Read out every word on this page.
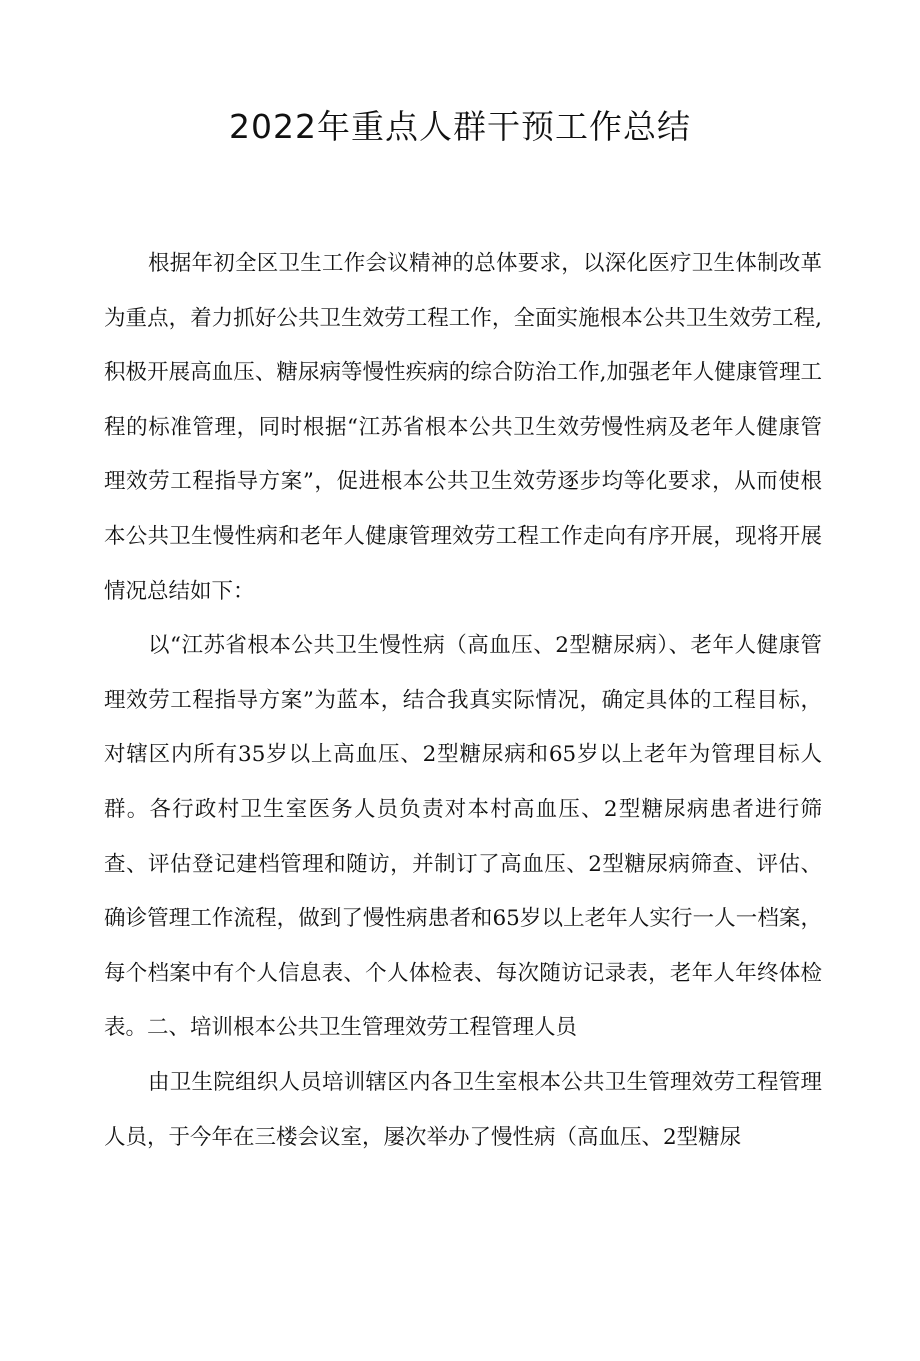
2022年重点人群干预工作总结

根据年初全区卫生工作会议精神的总体要求，以深化医疗卫生体制改革为重点，着力抓好公共卫生效劳工程工作，全面实施根本公共卫生效劳工程,积极开展高血压、糖尿病等慢性疾病的综合防治工作,加强老年人健康管理工程的标准管理，同时根据“江苏省根本公共卫生效劳慢性病及老年人健康管理效劳工程指导方案”，促进根本公共卫生效劳逐步均等化要求，从而使根本公共卫生慢性病和老年人健康管理效劳工程工作走向有序开展，现将开展情况总结如下：

以“江苏省根本公共卫生慢性病（高血压、2型糖尿病）、老年人健康管理效劳工程指导方案”为蓝本，结合我真实际情况，确定具体的工程目标，对辖区内所有35岁以上高血压、2型糖尿病和65岁以上老年为管理目标人群。各行政村卫生室医务人员负责对本村高血压、2型糖尿病患者进行筛查、评估登记建档管理和随访，并制订了高血压、2型糖尿病筛查、评估、确诊管理工作流程，做到了慢性病患者和65岁以上老年人实行一人一档案，每个档案中有个人信息表、个人体检表、每次随访记录表，老年人年终体检表。二、培训根本公共卫生管理效劳工程管理人员

由卫生院组织人员培训辖区内各卫生室根本公共卫生管理效劳工程管理人员，于今年在三楼会议室，屡次举办了慢性病（高血压、2型糖尿
